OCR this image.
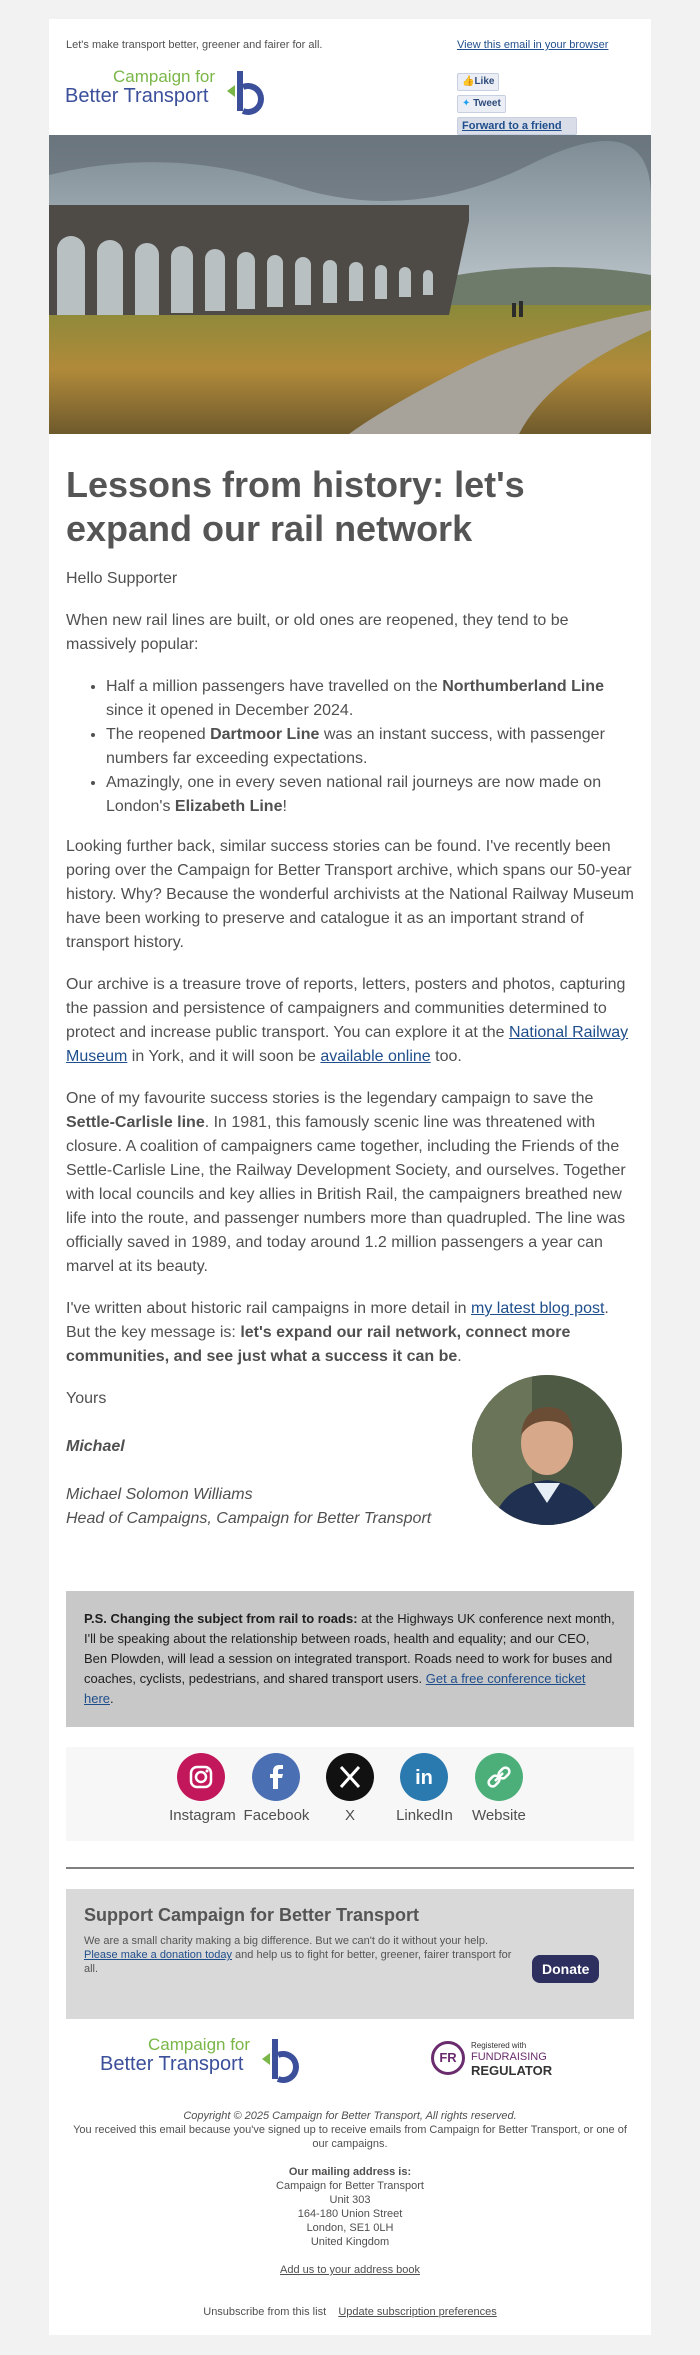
Let's make transport better, greener and fairer for all.	View this email in your browser
Campaign for
Better Transport
👍Like
✦ Tweet
Forward to a friend
Lessons from history: let's expand our rail network

Hello Supporter

When new rail lines are built, or old ones are reopened, they tend to be massively popular:

• Half a million passengers have travelled on the Northumberland Line since it opened in December 2024.
• The reopened Dartmoor Line was an instant success, with passenger numbers far exceeding expectations.
• Amazingly, one in every seven national rail journeys are now made on London's Elizabeth Line!

Looking further back, similar success stories can be found. I've recently been poring over the Campaign for Better Transport archive, which spans our 50-year history. Why? Because the wonderful archivists at the National Railway Museum have been working to preserve and catalogue it as an important strand of transport history.

Our archive is a treasure trove of reports, letters, posters and photos, capturing the passion and persistence of campaigners and communities determined to protect and increase public transport. You can explore it at the National Railway Museum in York, and it will soon be available online too.

One of my favourite success stories is the legendary campaign to save the Settle-Carlisle line. In 1981, this famously scenic line was threatened with closure. A coalition of campaigners came together, including the Friends of the Settle-Carlisle Line, the Railway Development Society, and ourselves. Together with local councils and key allies in British Rail, the campaigners breathed new life into the route, and passenger numbers more than quadrupled. The line was officially saved in 1989, and today around 1.2 million passengers a year can marvel at its beauty.

I've written about historic rail campaigns in more detail in my latest blog post. But the key message is: let's expand our rail network, connect more communities, and see just what a success it can be.

Yours

Michael

Michael Solomon Williams
Head of Campaigns, Campaign for Better Transport

P.S. Changing the subject from rail to roads: at the Highways UK conference next month, I'll be speaking about the relationship between roads, health and equality; and our CEO, Ben Plowden, will lead a session on integrated transport. Roads need to work for buses and coaches, cyclists, pedestrians, and shared transport users. Get a free conference ticket here.
Instagram
Facebook
	X

in
LinkedIn
	Website
Support Campaign for Better Transport
We are a small charity making a big difference. But we can't do it without your help. Please make a donation today and help us to fight for better, greener, fairer transport for all.	Donate
Campaign for
Better Transport	FR
Registered with
FUNDRAISING
REGULATOR
Copyright © 2025 Campaign for Better Transport, All rights reserved.
You received this email because you've signed up to receive emails from Campaign for Better Transport, or one of our campaigns.
Our mailing address is:
Campaign for Better Transport
Unit 303
164-180 Union Street
London, SE1 0LH
United Kingdom
Add us to your address book
Unsubscribe from this list Update subscription preferences
